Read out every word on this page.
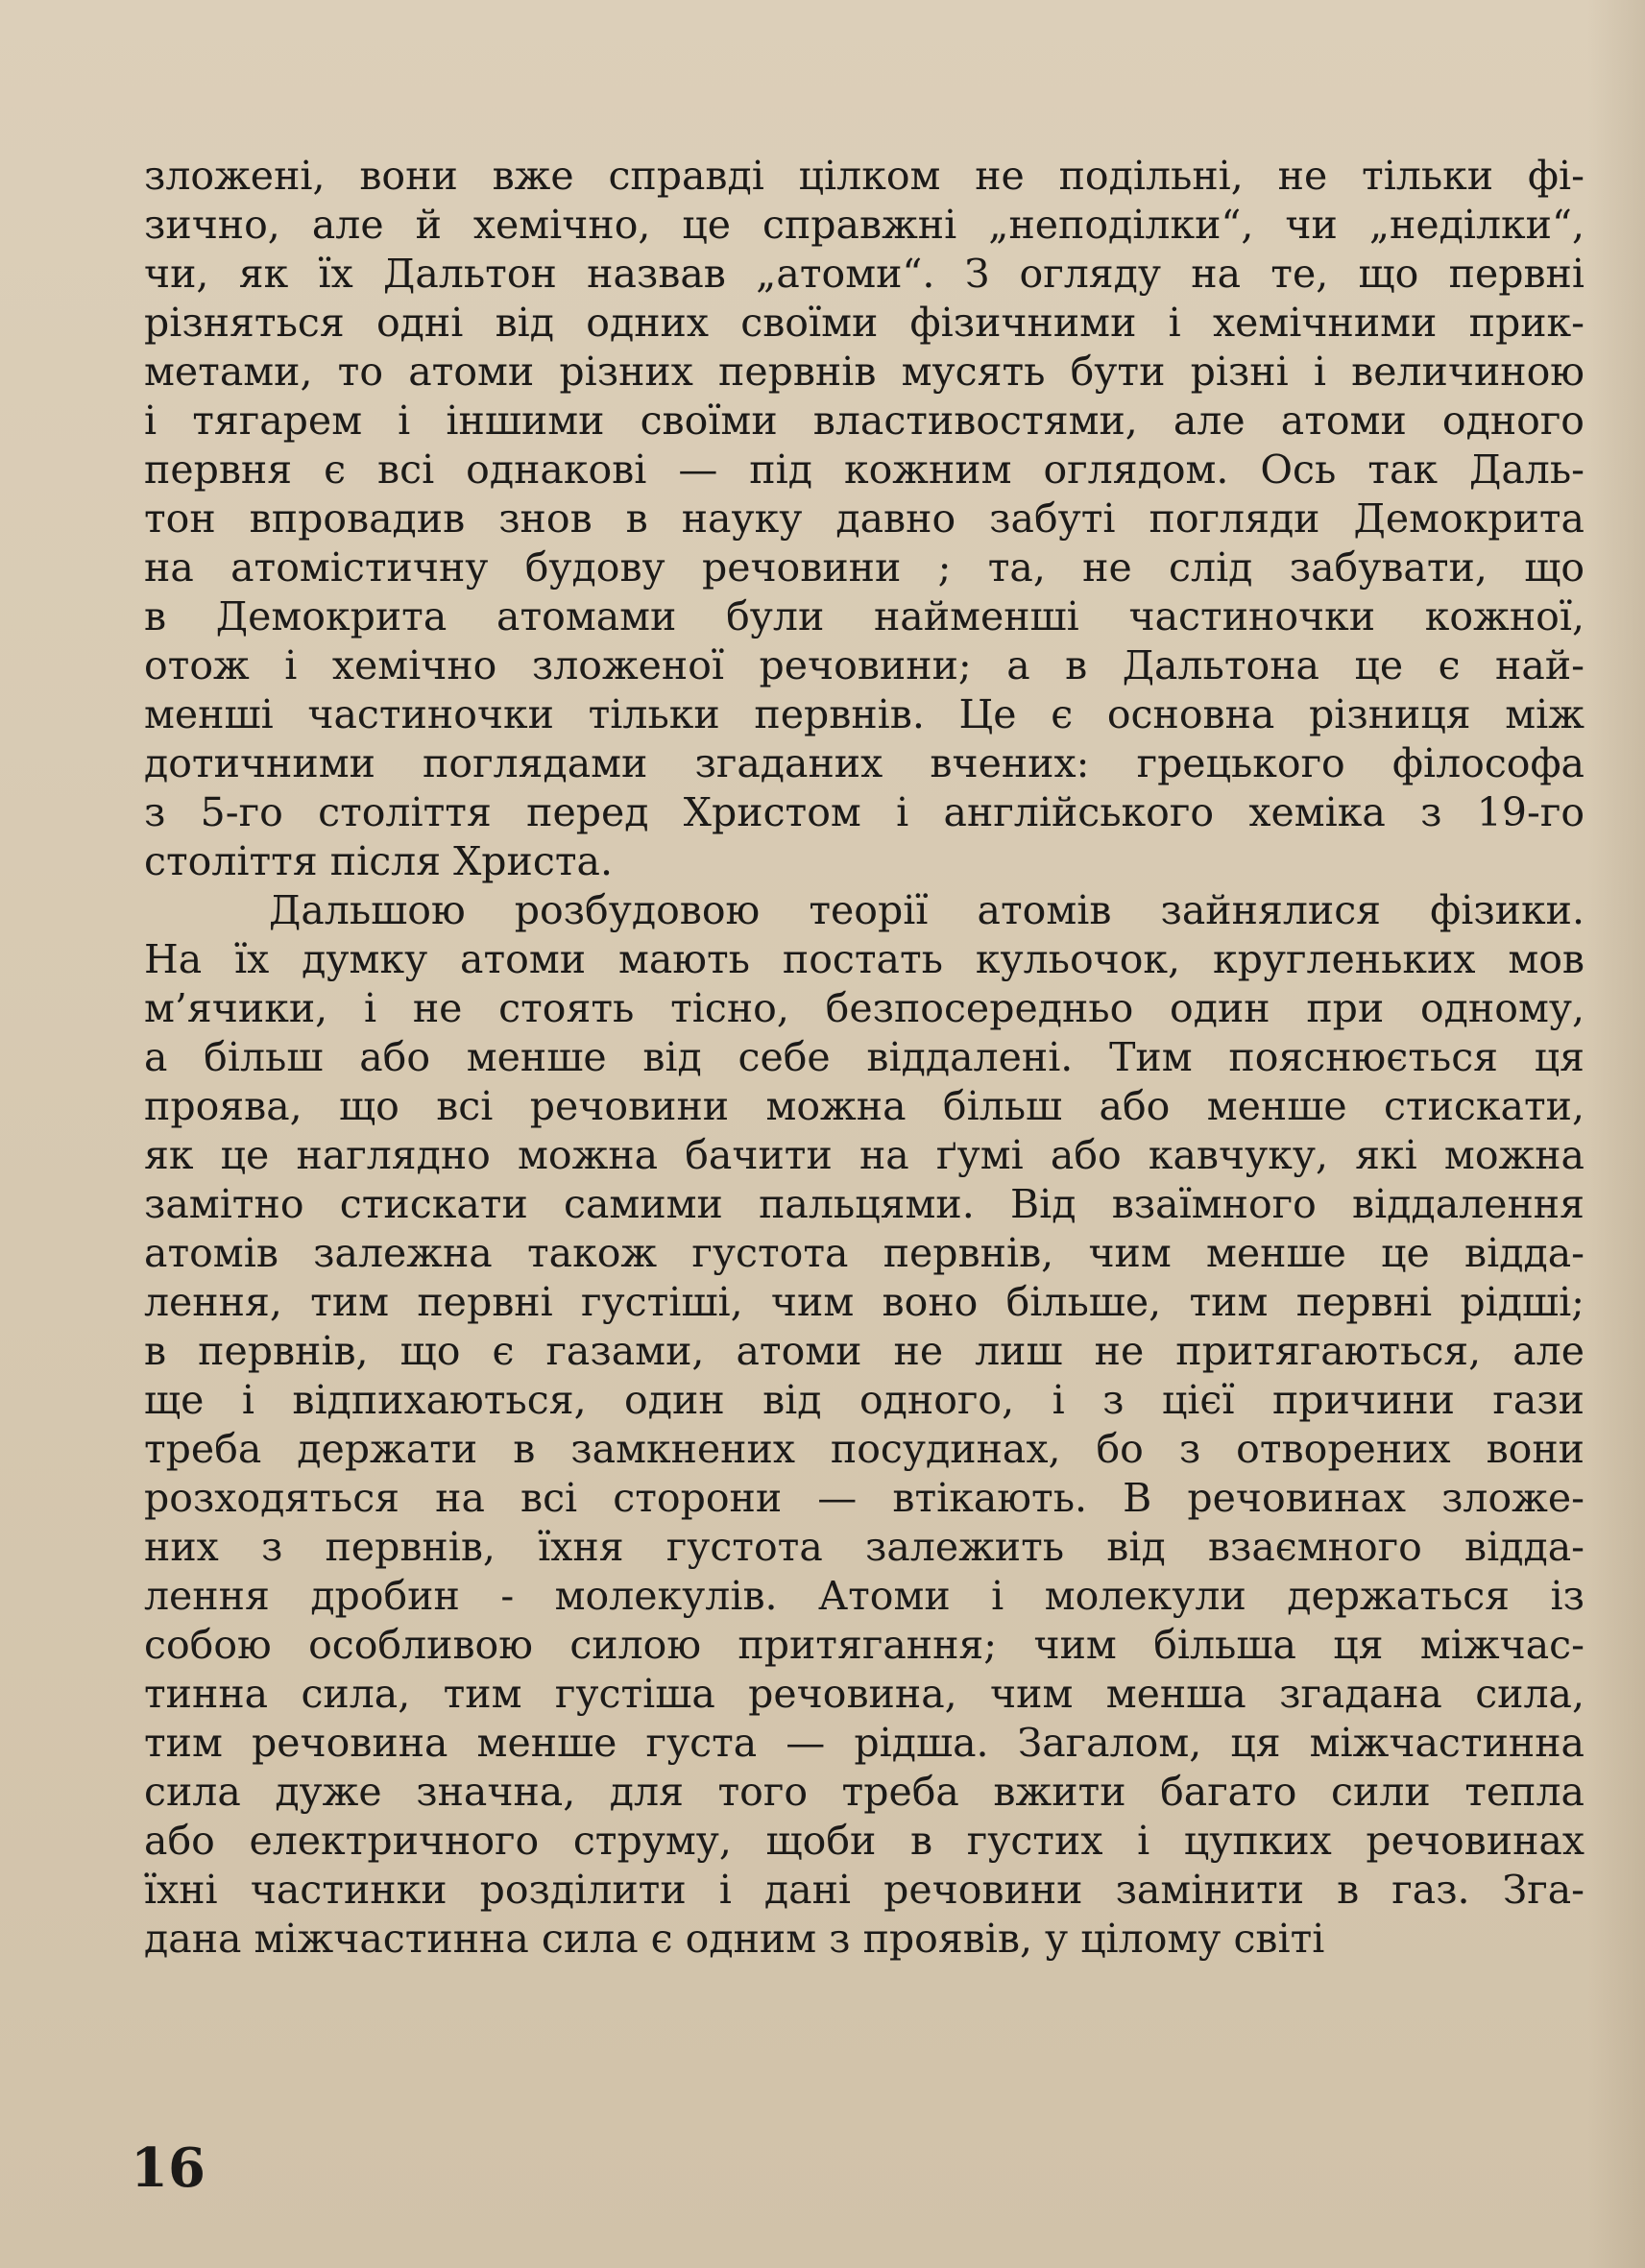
зложені, вони вже справді цілком не подільні, не тільки фі-
зично, але й хемічно, це справжні „неподілки“, чи „неділки“,
чи, як їх Дальтон назвав „атоми“. З огляду на те, що первні
різняться одні від одних своїми фізичними і хемічними прик-
метами, то атоми різних первнів мусять бути різні і величиною
і тягарем і іншими своїми властивостями, але атоми одного
первня є всі однакові — під кожним оглядом. Ось так Даль-
тон впровадив знов в науку давно забуті погляди Демокрита
на атомістичну будову речовини ; та, не слід забувати, що
в Демокрита атомами були найменші частиночки кожної,
отож і хемічно зложеної речовини; а в Дальтона це є най-
менші частиночки тільки первнів. Це є основна різниця між
дотичними поглядами згаданих вчених: грецького філософа
з 5-го століття перед Христом і англійського хеміка з 19-го
століття після Христа.

Дальшою розбудовою теорії атомів зайнялися фізики.
На їх думку атоми мають постать кульочок, кругленьких мов
м’ячики, і не стоять тісно, безпосередньо один при одному,
а більш або менше від себе віддалені. Тим пояснюється ця
проява, що всі речовини можна більш або менше стискати,
як це наглядно можна бачити на ґумі або кавчуку, які можна
замітно стискати самими пальцями. Від взаїмного віддалення
атомів залежна також густота первнів, чим менше це відда-
лення, тим первні густіші, чим воно більше, тим первні рідші;
в первнів, що є газами, атоми не лиш не притягаються, але
ще і відпихаються, один від одного, і з цієї причини гази
треба держати в замкнених посудинах, бо з отворених вони
розходяться на всі сторони — втікають. В речовинах зложе-
них з первнів, їхня густота залежить від взаємного відда-
лення дробин - молекулів. Атоми і молекули держаться із
собою особливою силою притягання; чим більша ця міжчас-
тинна сила, тим густіша речовина, чим менша згадана сила,
тим речовина менше густа — рідша. Загалом, ця міжчастинна
сила дуже значна, для того треба вжити багато сили тепла
або електричного струму, щоби в густих і цупких речовинах
їхні частинки розділити і дані речовини замінити в газ. Зга-
дана міжчастинна сила є одним з проявів, у цілому світі

16
